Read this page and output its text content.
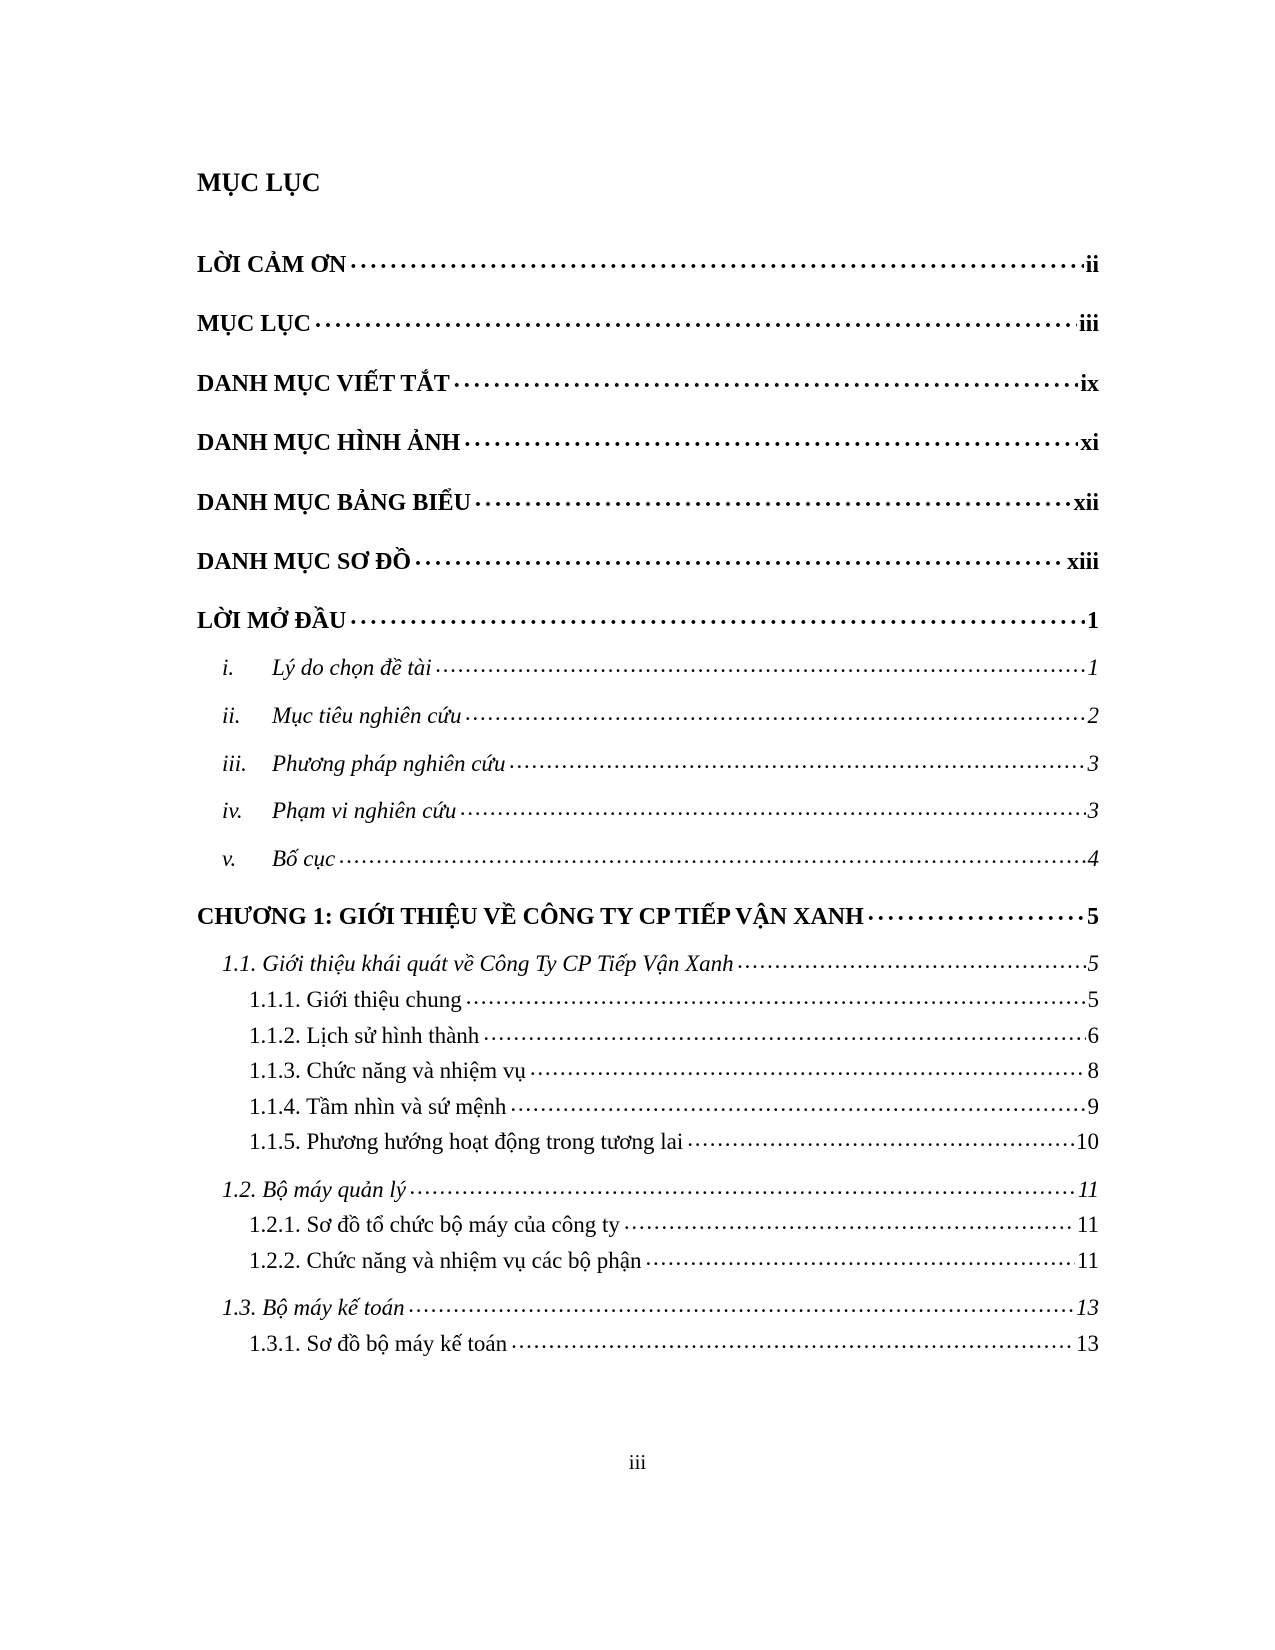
MỤC LỤC
LỜI CẢM ƠN . . .	ii
MỤC LỤC . . .	iii
DANH MỤC VIẾT TẮT . . .	ix
DANH MỤC HÌNH ẢNH . . .	xi
DANH MỤC BẢNG BIỂU . . .	xii
DANH MỤC SƠ ĐỒ . . .	xiii
LỜI MỞ ĐẦU . . .	1
i. Lý do chọn đề tài . . .	1
ii. Mục tiêu nghiên cứu . . .	2
iii. Phương pháp nghiên cứu . . .	3
iv. Phạm vi nghiên cứu . . .	3
v. Bố cục . . .	4
CHƯƠNG 1: GIỚI THIỆU VỀ CÔNG TY CP TIẾP VẬN XANH . . .	5
1.1. Giới thiệu khái quát về Công Ty CP Tiếp Vận Xanh . . .	5
1.1.1. Giới thiệu chung . . .	5
1.1.2. Lịch sử hình thành . . .	6
1.1.3. Chức năng và nhiệm vụ . . .	8
1.1.4. Tầm nhìn và sứ mệnh . . .	9
1.1.5. Phương hướng hoạt động trong tương lai . . .	10
1.2. Bộ máy quản lý . . .	11
1.2.1. Sơ đồ tổ chức bộ máy của công ty . . .	11
1.2.2. Chức năng và nhiệm vụ các bộ phận . . .	11
1.3. Bộ máy kế toán . . .	13
1.3.1. Sơ đồ bộ máy kế toán . . .	13
iii
